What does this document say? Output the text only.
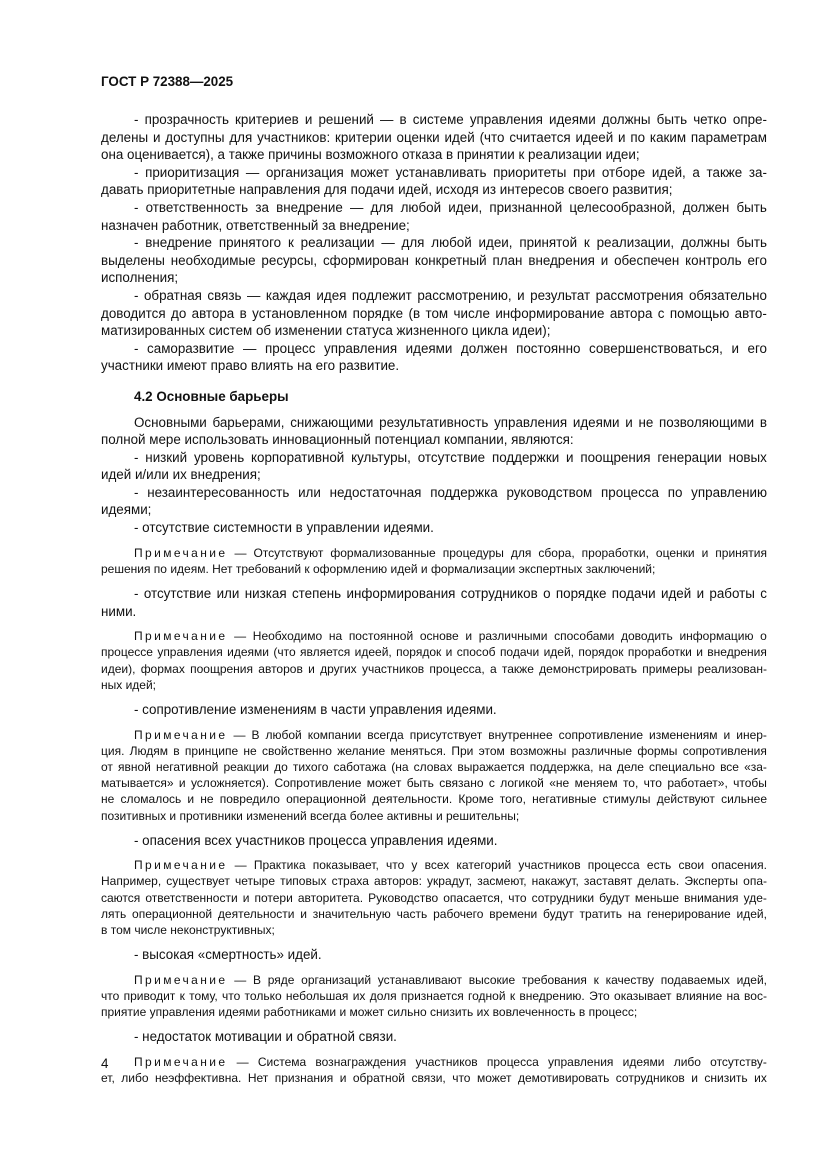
ГОСТ Р 72388—2025
- прозрачность критериев и решений — в системе управления идеями должны быть четко опре-
делены и доступны для участников: критерии оценки идей (что считается идеей и по каким параметрам
она оценивается), а также причины возможного отказа в принятии к реализации идеи;
- приоритизация — организация может устанавливать приоритеты при отборе идей, а также за-
давать приоритетные направления для подачи идей, исходя из интересов своего развития;
- ответственность за внедрение — для любой идеи, признанной целесообразной, должен быть
назначен работник, ответственный за внедрение;
- внедрение принятого к реализации — для любой идеи, принятой к реализации, должны быть
выделены необходимые ресурсы, сформирован конкретный план внедрения и обеспечен контроль его
исполнения;
- обратная связь — каждая идея подлежит рассмотрению, и результат рассмотрения обязательно
доводится до автора в установленном порядке (в том числе информирование автора с помощью авто-
матизированных систем об изменении статуса жизненного цикла идеи);
- саморазвитие — процесс управления идеями должен постоянно совершенствоваться, и его
участники имеют право влиять на его развитие.
4.2 Основные барьеры
Основными барьерами, снижающими результативность управления идеями и не позволяющими в
полной мере использовать инновационный потенциал компании, являются:
- низкий уровень корпоративной культуры, отсутствие поддержки и поощрения генерации новых
идей и/или их внедрения;
- незаинтересованность или недостаточная поддержка руководством процесса по управлению
идеями;
- отсутствие системности в управлении идеями.
Примечание — Отсутствуют формализованные процедуры для сбора, проработки, оценки и принятия
решения по идеям. Нет требований к оформлению идей и формализации экспертных заключений;
- отсутствие или низкая степень информирования сотрудников о порядке подачи идей и работы с
ними.
Примечание — Необходимо на постоянной основе и различными способами доводить информацию о
процессе управления идеями (что является идеей, порядок и способ подачи идей, порядок проработки и внедрения
идеи), формах поощрения авторов и других участников процесса, а также демонстрировать примеры реализован-
ных идей;
- сопротивление изменениям в части управления идеями.
Примечание — В любой компании всегда присутствует внутреннее сопротивление изменениям и инер-
ция. Людям в принципе не свойственно желание меняться. При этом возможны различные формы сопротивления
от явной негативной реакции до тихого саботажа (на словах выражается поддержка, на деле специально все «за-
матывается» и усложняется). Сопротивление может быть связано с логикой «не меняем то, что работает», чтобы
не сломалось и не повредило операционной деятельности. Кроме того, негативные стимулы действуют сильнее
позитивных и противники изменений всегда более активны и решительны;
- опасения всех участников процесса управления идеями.
Примечание — Практика показывает, что у всех категорий участников процесса есть свои опасения.
Например, существует четыре типовых страха авторов: украдут, засмеют, накажут, заставят делать. Эксперты опа-
саются ответственности и потери авторитета. Руководство опасается, что сотрудники будут меньше внимания уде-
лять операционной деятельности и значительную часть рабочего времени будут тратить на генерирование идей,
в том числе неконструктивных;
- высокая «смертность» идей.
Примечание — В ряде организаций устанавливают высокие требования к качеству подаваемых идей,
что приводит к тому, что только небольшая их доля признается годной к внедрению. Это оказывает влияние на вос-
приятие управления идеями работниками и может сильно снизить их вовлеченность в процесс;
- недостаток мотивации и обратной связи.
Примечание — Система вознаграждения участников процесса управления идеями либо отсутству-
ет, либо неэффективна. Нет признания и обратной связи, что может демотивировать сотрудников и снизить их
4
